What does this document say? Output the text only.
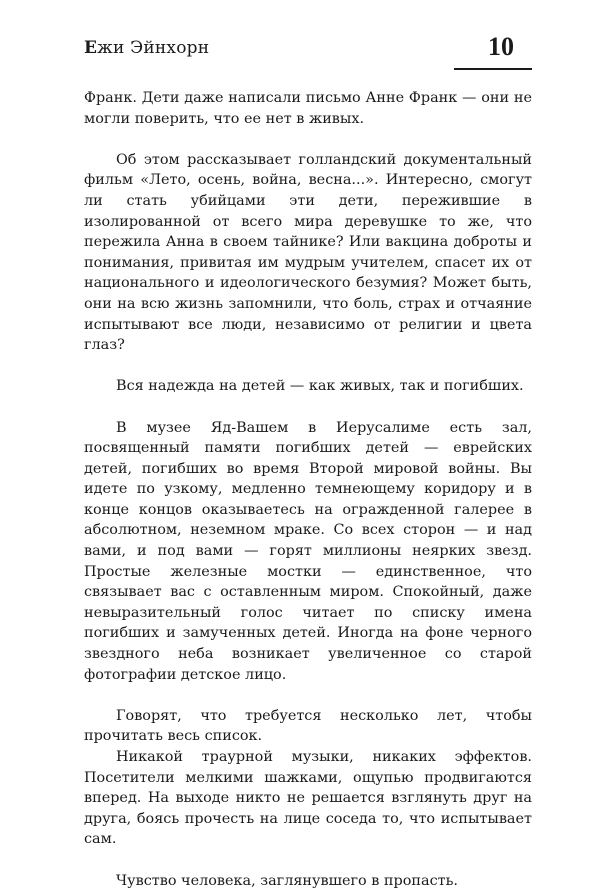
Ежи Эйнхорн	10

Франк. Дети даже написали письмо Анне Франк — они не могли поверить, что ее нет в живых.

Об этом рассказывает голландский документальный фильм «Лето, осень, война, весна...». Интересно, смогут ли стать убийцами эти дети, пережившие в изолированной от всего мира деревушке то же, что пережила Анна в своем тайнике? Или вакцина доброты и понимания, привитая им мудрым учителем, спасет их от национального и идеологического безумия? Может быть, они на всю жизнь запомнили, что боль, страх и отчаяние испытывают все люди, независимо от религии и цвета глаз?

Вся надежда на детей — как живых, так и погибших.

В музее Яд-Вашем в Иерусалиме есть зал, посвященный памяти погибших детей — еврейских детей, погибших во время Второй мировой войны. Вы идете по узкому, медленно темнеющему коридору и в конце концов оказываетесь на огражденной галерее в абсолютном, неземном мраке. Со всех сторон — и над вами, и под вами — горят миллионы неярких звезд. Простые железные мостки — единственное, что связывает вас с оставленным миром. Спокойный, даже невыразительный голос читает по списку имена погибших и замученных детей. Иногда на фоне черного звездного неба возникает увеличенное со старой фотографии детское лицо.

Говорят, что требуется несколько лет, чтобы прочитать весь список.

Никакой траурной музыки, никаких эффектов. Посетители мелкими шажками, ощупью продвигаются вперед. На выходе никто не решается взглянуть друг на друга, боясь прочесть на лице соседа то, что испытывает сам.

Чувство человека, заглянувшего в пропасть.
